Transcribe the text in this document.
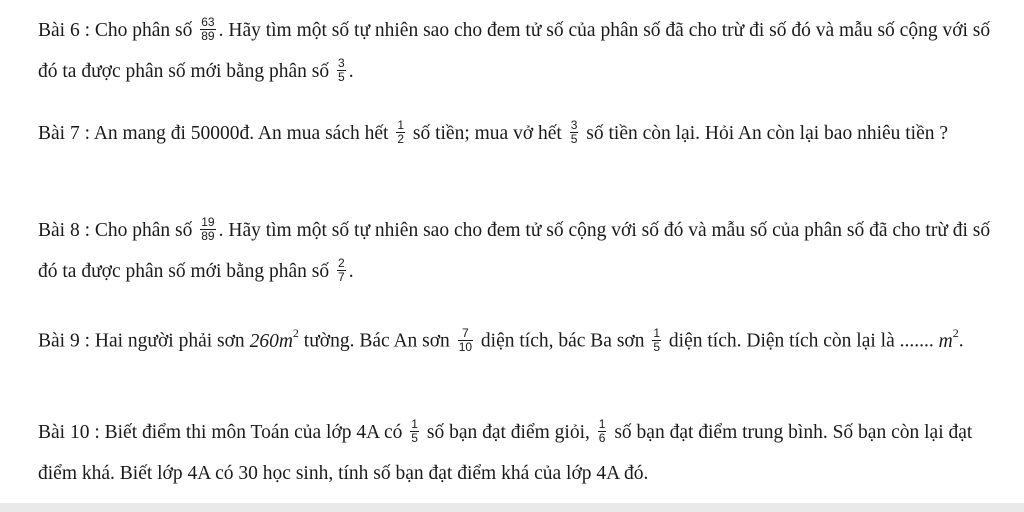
Bài 6 : Cho phân số $\frac{63}{89}$ . Hãy tìm một số tự nhiên sao cho đem tử số của phân số đã cho trừ đi số đó và mẫu số cộng với số đó ta được phân số mới bằng phân số $\frac{3}{5}$ .
Bài 7 : An mang đi 50000đ. An mua sách hết $\frac{1}{2}$ số tiền; mua vở hết $\frac{3}{5}$ số tiền còn lại. Hỏi An còn lại bao nhiêu tiền ?
Bài 8 : Cho phân số $\frac{19}{89}$ . Hãy tìm một số tự nhiên sao cho đem tử số cộng với số đó và mẫu số của phân số đã cho trừ đi số đó ta được phân số mới bằng phân số $\frac{2}{7}$ .
Bài 9 : Hai người phải sơn $260m^2$ tường. Bác An sơn $\frac{7}{10}$ diện tích, bác Ba sơn $\frac{1}{5}$ diện tích. Diện tích còn lại là ....... $m^2$.
Bài 10 : Biết điểm thi môn Toán của lớp 4A có $\frac{1}{5}$ số bạn đạt điểm giỏi, $\frac{1}{6}$ số bạn đạt điểm trung bình. Số bạn còn lại đạt điểm khá. Biết lớp 4A có 30 học sinh, tính số bạn đạt điểm khá của lớp 4A đó.
